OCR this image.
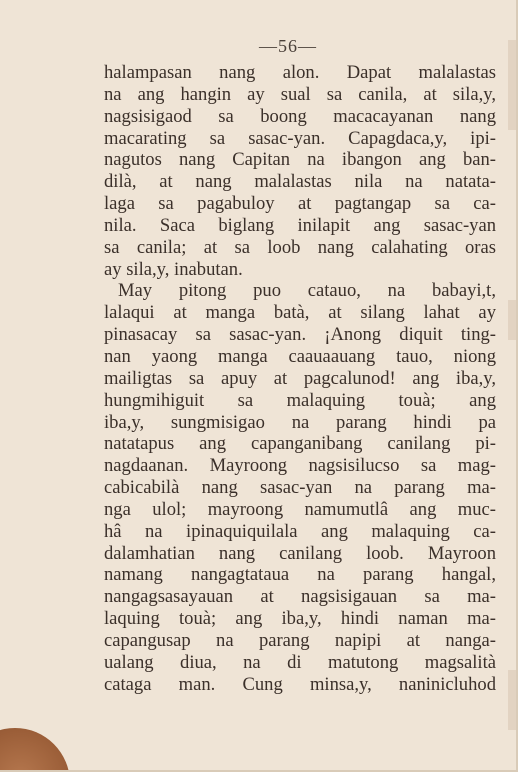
—56—
halampasan nang alon. Dapat malalastas
na ang hangin ay sual sa canila, at sila,y,
nagsisigaod sa boong macacayanan nang
macarating sa sasac-yan. Capagdaca,y, ipi-
nagutos nang Capitan na ibangon ang ban-
dilà, at nang malalastas nila na natata-
laga sa pagabuloy at pagtangap sa ca-
nila. Saca biglang inilapit ang sasac-yan
sa canila; at sa loob nang calahating oras
ay sila,y, inabutan.
May pitong puo catauo, na babayi,t,
lalaqui at manga batà, at silang lahat ay
pinasacay sa sasac-yan. ¡Anong diquit ting-
nan yaong manga caauaauang tauo, niong
mailigtas sa apuy at pagcalunod! ang iba,y,
hungmihiguit sa malaquing touà; ang
iba,y, sungmisigao na parang hindi pa
natatapus ang capanganibang canilang pi-
nagdaanan. Mayroong nagsisilucso sa mag-
cabicabilà nang sasac-yan na parang ma-
nga ulol; mayroong namumutlâ ang muc-
hâ na ipinaquiquilala ang malaquing ca-
dalamhatian nang canilang loob. Mayroon
namang nangagtataua na parang hangal,
nangagsasayauan at nagsisigauan sa ma-
laquing touà; ang iba,y, hindi naman ma-
capangusap na parang napipi at nanga-
ualang diua, na di matutong magsalità
cataga man. Cung minsa,y, naninicluhod
